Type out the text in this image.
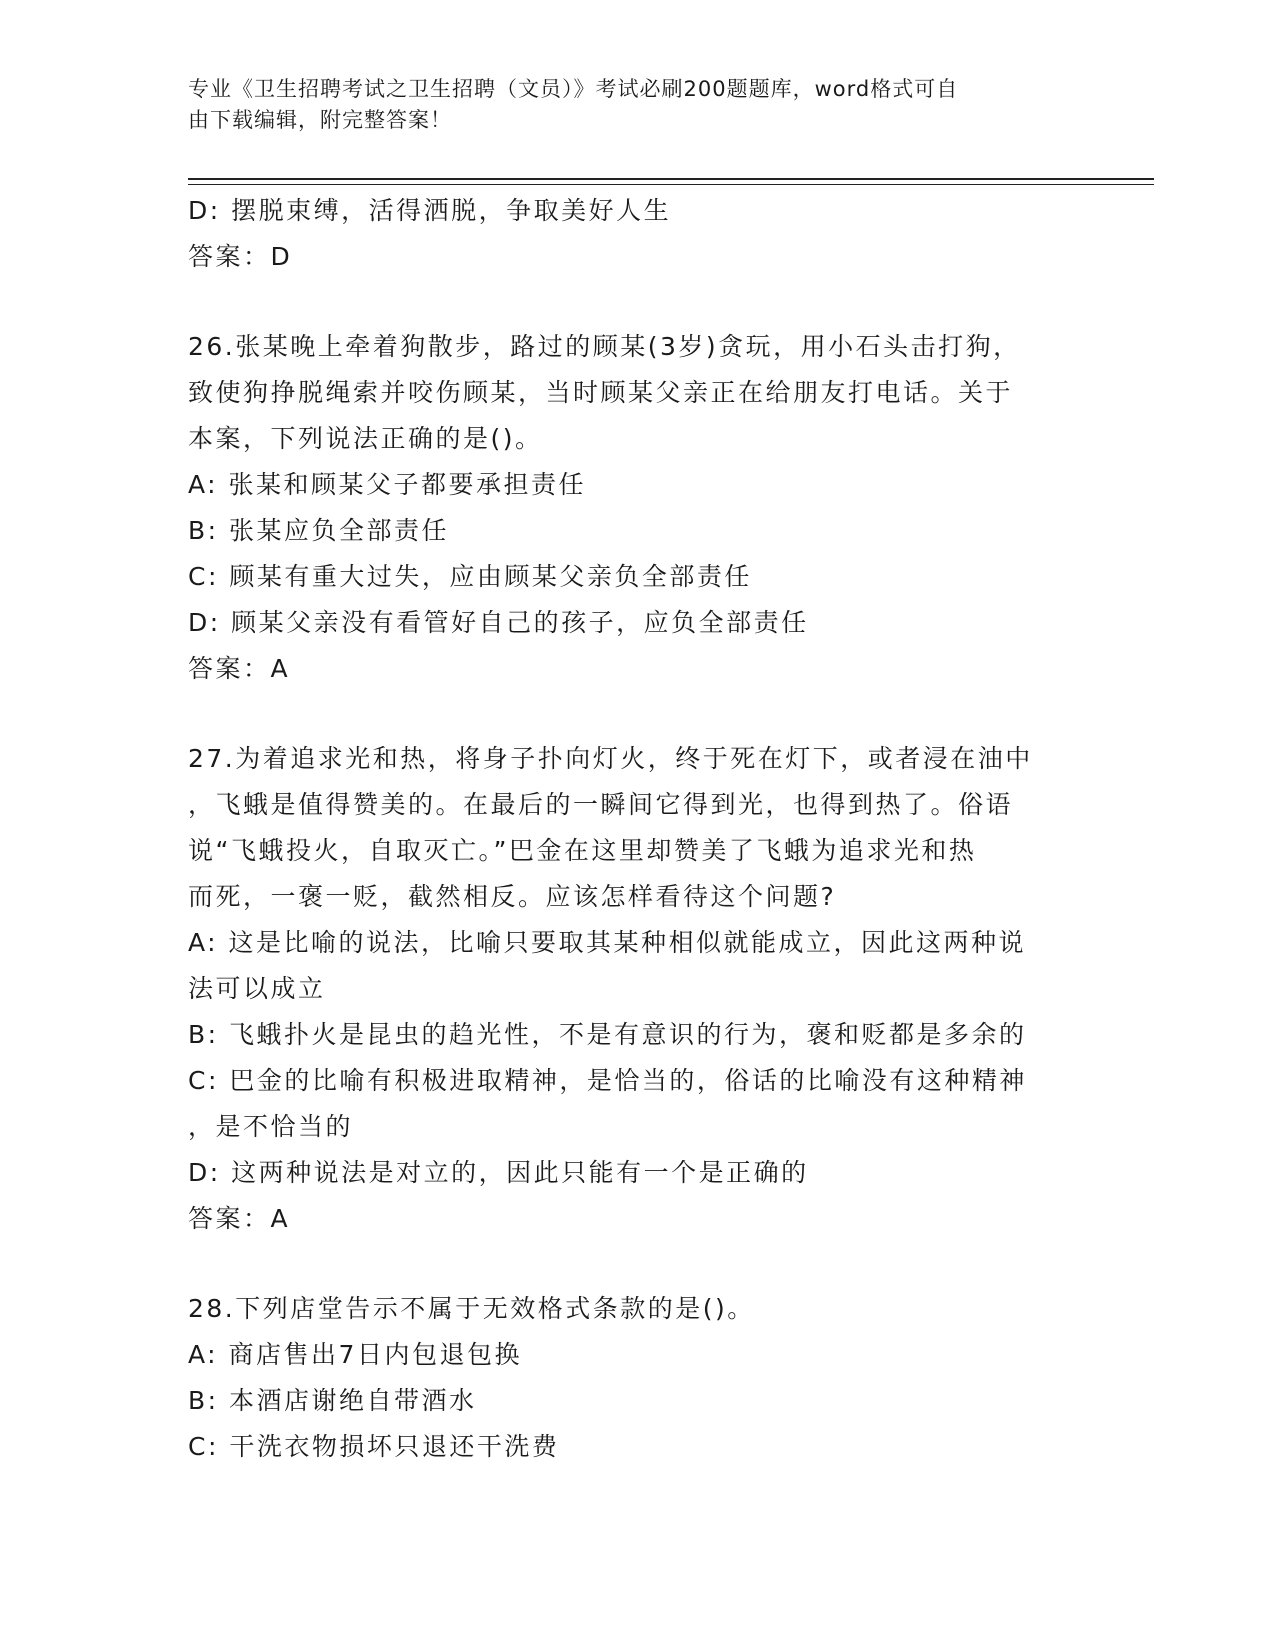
专业《卫生招聘考试之卫生招聘（文员）》考试必刷200题题库，word格式可自
由下载编辑，附完整答案！
D: 摆脱束缚，活得洒脱，争取美好人生
答案：D
26.张某晚上牵着狗散步，路过的顾某(3岁)贪玩，用小石头击打狗，
致使狗挣脱绳索并咬伤顾某，当时顾某父亲正在给朋友打电话。关于
本案，下列说法正确的是()。
A: 张某和顾某父子都要承担责任
B: 张某应负全部责任
C: 顾某有重大过失，应由顾某父亲负全部责任
D: 顾某父亲没有看管好自己的孩子，应负全部责任
答案：A
27.为着追求光和热，将身子扑向灯火，终于死在灯下，或者浸在油中
，飞蛾是值得赞美的。在最后的一瞬间它得到光，也得到热了。俗语
说“飞蛾投火，自取灭亡。”巴金在这里却赞美了飞蛾为追求光和热
而死，一褒一贬，截然相反。应该怎样看待这个问题?
A: 这是比喻的说法，比喻只要取其某种相似就能成立，因此这两种说
法可以成立
B: 飞蛾扑火是昆虫的趋光性，不是有意识的行为，褒和贬都是多余的
C: 巴金的比喻有积极进取精神，是恰当的，俗话的比喻没有这种精神
，是不恰当的
D: 这两种说法是对立的，因此只能有一个是正确的
答案：A
28.下列店堂告示不属于无效格式条款的是()。
A: 商店售出7日内包退包换
B: 本酒店谢绝自带酒水
C: 干洗衣物损坏只退还干洗费
